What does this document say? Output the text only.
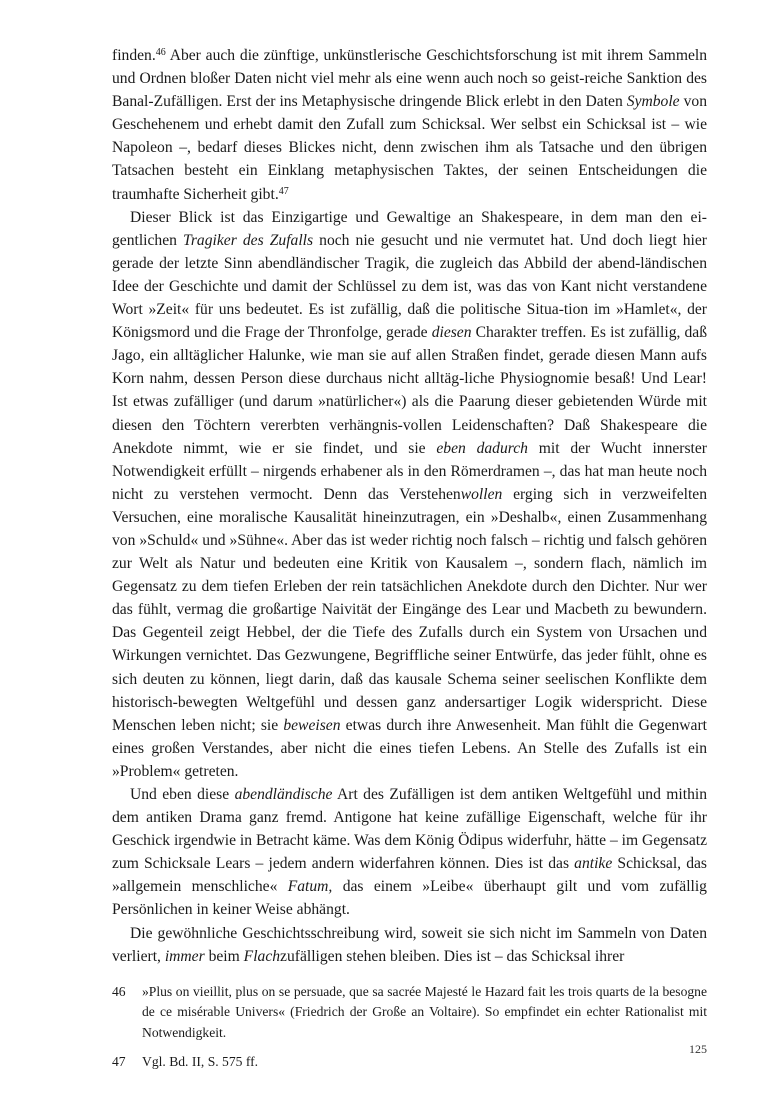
finden.$^{46}$ Aber auch die zünftige, unkünstlerische Geschichtsforschung ist mit ihrem Sammeln und Ordnen bloßer Daten nicht viel mehr als eine wenn auch noch so geist-reiche Sanktion des Banal-Zufälligen. Erst der ins Metaphysische dringende Blick erlebt in den Daten Symbole von Geschehenem und erhebt damit den Zufall zum Schicksal. Wer selbst ein Schicksal ist – wie Napoleon –, bedarf dieses Blickes nicht, denn zwischen ihm als Tatsache und den übrigen Tatsachen besteht ein Einklang metaphysischen Taktes, der seinen Entscheidungen die traumhafte Sicherheit gibt.$^{47}$

Dieser Blick ist das Einzigartige und Gewaltige an Shakespeare, in dem man den ei-gentlichen Tragiker des Zufalls noch nie gesucht und nie vermutet hat. Und doch liegt hier gerade der letzte Sinn abendländischer Tragik, die zugleich das Abbild der abend-ländischen Idee der Geschichte und damit der Schlüssel zu dem ist, was das von Kant nicht verstandene Wort »Zeit« für uns bedeutet. Es ist zufällig, daß die politische Situa-tion im »Hamlet«, der Königsmord und die Frage der Thronfolge, gerade diesen Charakter treffen. Es ist zufällig, daß Jago, ein alltäglicher Halunke, wie man sie auf allen Straßen findet, gerade diesen Mann aufs Korn nahm, dessen Person diese durchaus nicht alltäg-liche Physiognomie besaß! Und Lear! Ist etwas zufälliger (und darum »natürlicher«) als die Paarung dieser gebietenden Würde mit diesen den Töchtern vererbten verhängnis-vollen Leidenschaften? Daß Shakespeare die Anekdote nimmt, wie er sie findet, und sie eben dadurch mit der Wucht innerster Notwendigkeit erfüllt – nirgends erhabener als in den Römerdramen –, das hat man heute noch nicht zu verstehen vermocht. Denn das Verstehenwollen erging sich in verzweifelten Versuchen, eine moralische Kausalität hineinzutragen, ein »Deshalb«, einen Zusammenhang von »Schuld« und »Sühne«. Aber das ist weder richtig noch falsch – richtig und falsch gehören zur Welt als Natur und bedeuten eine Kritik von Kausalem –, sondern flach, nämlich im Gegensatz zu dem tiefen Erleben der rein tatsächlichen Anekdote durch den Dichter. Nur wer das fühlt, vermag die großartige Naivität der Eingänge des Lear und Macbeth zu bewundern. Das Gegenteil zeigt Hebbel, der die Tiefe des Zufalls durch ein System von Ursachen und Wirkungen vernichtet. Das Gezwungene, Begriffliche seiner Entwürfe, das jeder fühlt, ohne es sich deuten zu können, liegt darin, daß das kausale Schema seiner seelischen Konflikte dem historisch-bewegten Weltgefühl und dessen ganz andersartiger Logik widerspricht. Diese Menschen leben nicht; sie beweisen etwas durch ihre Anwesenheit. Man fühlt die Gegenwart eines großen Verstandes, aber nicht die eines tiefen Lebens. An Stelle des Zufalls ist ein »Problem« getreten.

Und eben diese abendländische Art des Zufälligen ist dem antiken Weltgefühl und mithin dem antiken Drama ganz fremd. Antigone hat keine zufällige Eigenschaft, welche für ihr Geschick irgendwie in Betracht käme. Was dem König Ödipus widerfuhr, hätte – im Gegensatz zum Schicksale Lears – jedem andern widerfahren können. Dies ist das antike Schicksal, das »allgemein menschliche« Fatum, das einem »Leibe« überhaupt gilt und vom zufällig Persönlichen in keiner Weise abhängt.

Die gewöhnliche Geschichtsschreibung wird, soweit sie sich nicht im Sammeln von Daten verliert, immer beim Flachzufälligen stehen bleiben. Dies ist – das Schicksal ihrer

46	»Plus on vieillit, plus on se persuade, que sa sacrée Majesté le Hazard fait les trois quarts de la besogne de ce misérable Univers« (Friedrich der Große an Voltaire). So empfindet ein echter Rationalist mit Notwendigkeit.
47	Vgl. Bd. II, S. 575 ff.
125
